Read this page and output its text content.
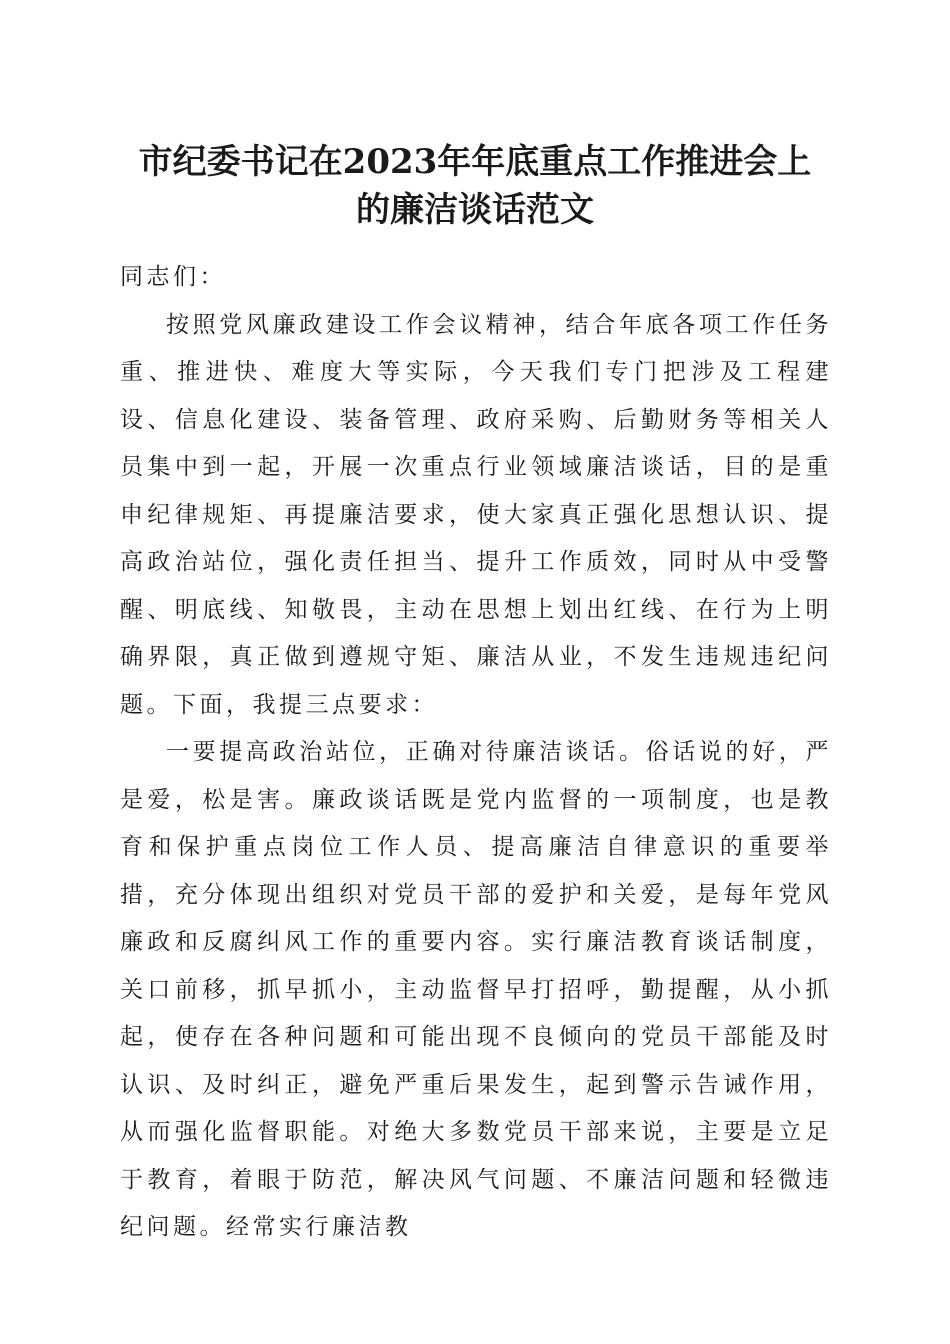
市纪委书记在2023年年底重点工作推进会上
的廉洁谈话范文

同志们：

按照党风廉政建设工作会议精神，结合年底各项工作任务重、推进快、难度大等实际，今天我们专门把涉及工程建设、信息化建设、装备管理、政府采购、后勤财务等相关人员集中到一起，开展一次重点行业领域廉洁谈话，目的是重申纪律规矩、再提廉洁要求，使大家真正强化思想认识、提高政治站位，强化责任担当、提升工作质效，同时从中受警醒、明底线、知敬畏，主动在思想上划出红线、在行为上明确界限，真正做到遵规守矩、廉洁从业，不发生违规违纪问题。下面，我提三点要求：

一要提高政治站位，正确对待廉洁谈话。俗话说的好，严是爱，松是害。廉政谈话既是党内监督的一项制度，也是教育和保护重点岗位工作人员、提高廉洁自律意识的重要举措，充分体现出组织对党员干部的爱护和关爱，是每年党风廉政和反腐纠风工作的重要内容。实行廉洁教育谈话制度，关口前移，抓早抓小，主动监督早打招呼，勤提醒，从小抓起，使存在各种问题和可能出现不良倾向的党员干部能及时认识、及时纠正，避免严重后果发生，起到警示告诫作用，从而强化监督职能。对绝大多数党员干部来说，主要是立足于教育，着眼于防范，解决风气问题、不廉洁问题和轻微违纪问题。经常实行廉洁教
